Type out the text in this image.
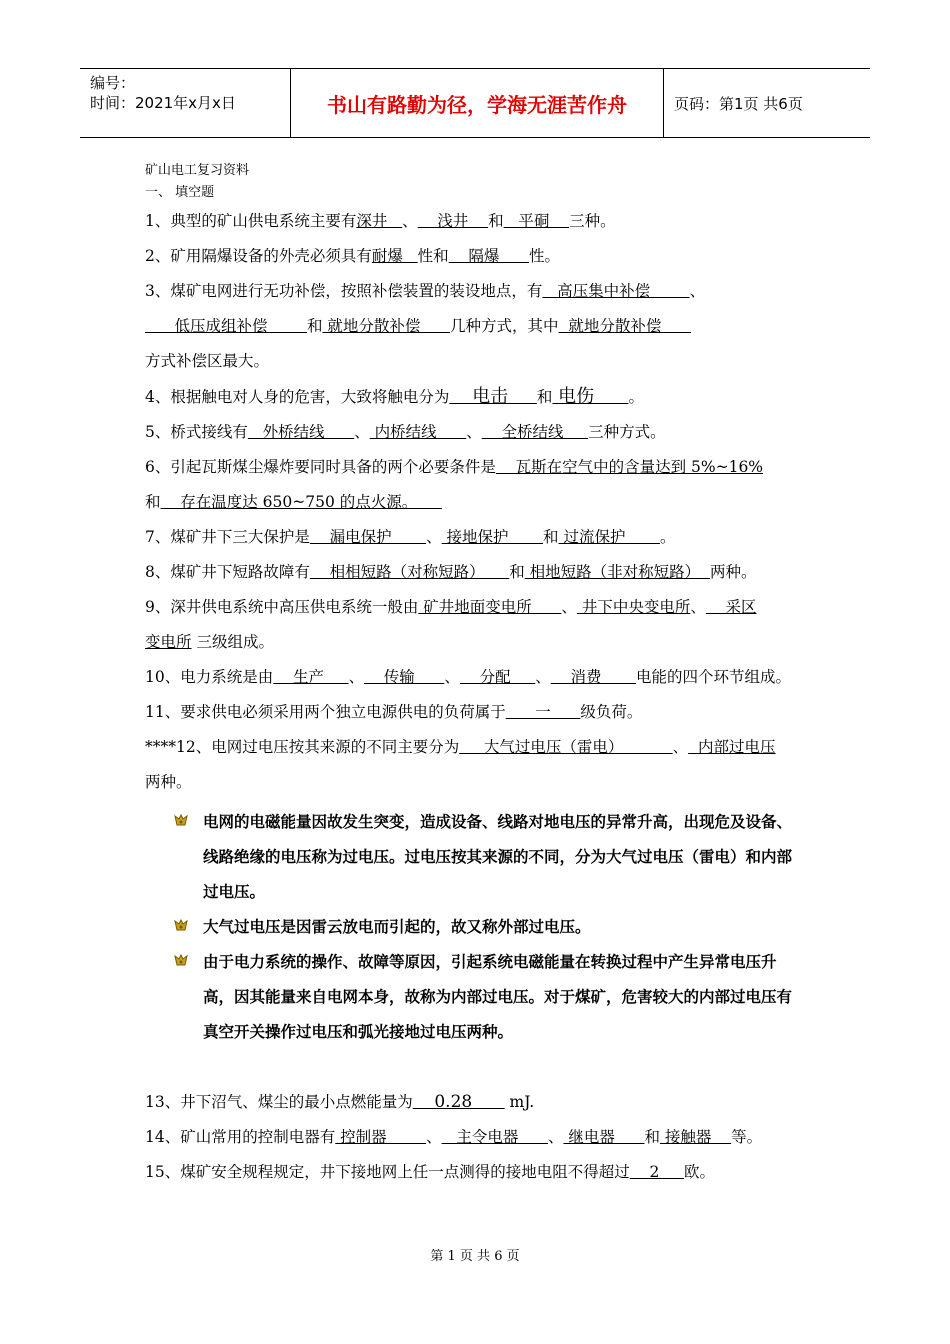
编号：
时间：2021年x月x日	书山有路勤为径，学海无涯苦作舟	页码：第1页 共6页
矿山电工复习资料
一、 填空题
1、典型的矿山供电系统主要有深井   、    浅井    和   平硐    三种。
2、矿用隔爆设备的外壳必须具有耐爆   性和    隔爆      性。
3、煤矿电网进行无功补偿，按照补偿装置的装设地点，有   高压集中补偿        、
低压成组补偿        和 就地分散补偿      几种方式，其中  就地分散补偿
方式补偿区最大。
4、根据触电对人身的危害，大致将触电分为    电击     和 电伤      。
5、桥式接线有   外桥结线      、 内桥结线      、    全桥结线     三种方式。
6、引起瓦斯煤尘爆炸要同时具备的两个必要条件是    瓦斯在空气中的含量达到 5%~16%
和    存在温度达 650~750 的点火源。
7、煤矿井下三大保护是    漏电保护       、 接地保护       和 过流保护       。
8、煤矿井下短路故障有    相相短路（对称短路）     和 相地短路（非对称短路）  两种。
9、深井供电系统中高压供电系统一般由 矿井地面变电所      、 井下中央变电所、    采区
变电所 三级组成。
10、电力系统是由    生产     、    传输      、    分配     、    消费       电能的四个环节组成。
11、要求供电必须采用两个独立电源供电的负荷属于      一      级负荷。
****12、电网过电压按其来源的不同主要分为     大气过电压（雷电）          、  内部过电压
两种。
电网的电磁能量因故发生突变，造成设备、线路对地电压的异常升高，出现危及设备、线路绝缘的电压称为过电压。过电压按其来源的不同，分为大气过电压（雷电）和内部过电压。
大气过电压是因雷云放电而引起的，故又称外部过电压。
由于电力系统的操作、故障等原因，引起系统电磁能量在转换过程中产生异常电压升高，因其能量来自电网本身，故称为内部过电压。对于煤矿，危害较大的内部过电压有真空开关操作过电压和弧光接地过电压两种。
13、井下沼气、煤尘的最小点燃能量为    0.28       mJ.
14、矿山常用的控制电器有 控制器        、   主令电器      、 继电器      和 接触器    等。
15、煤矿安全规程规定，井下接地网上任一点测得的接地电阻不得超过    2     欧。
第 1 页 共 6 页
